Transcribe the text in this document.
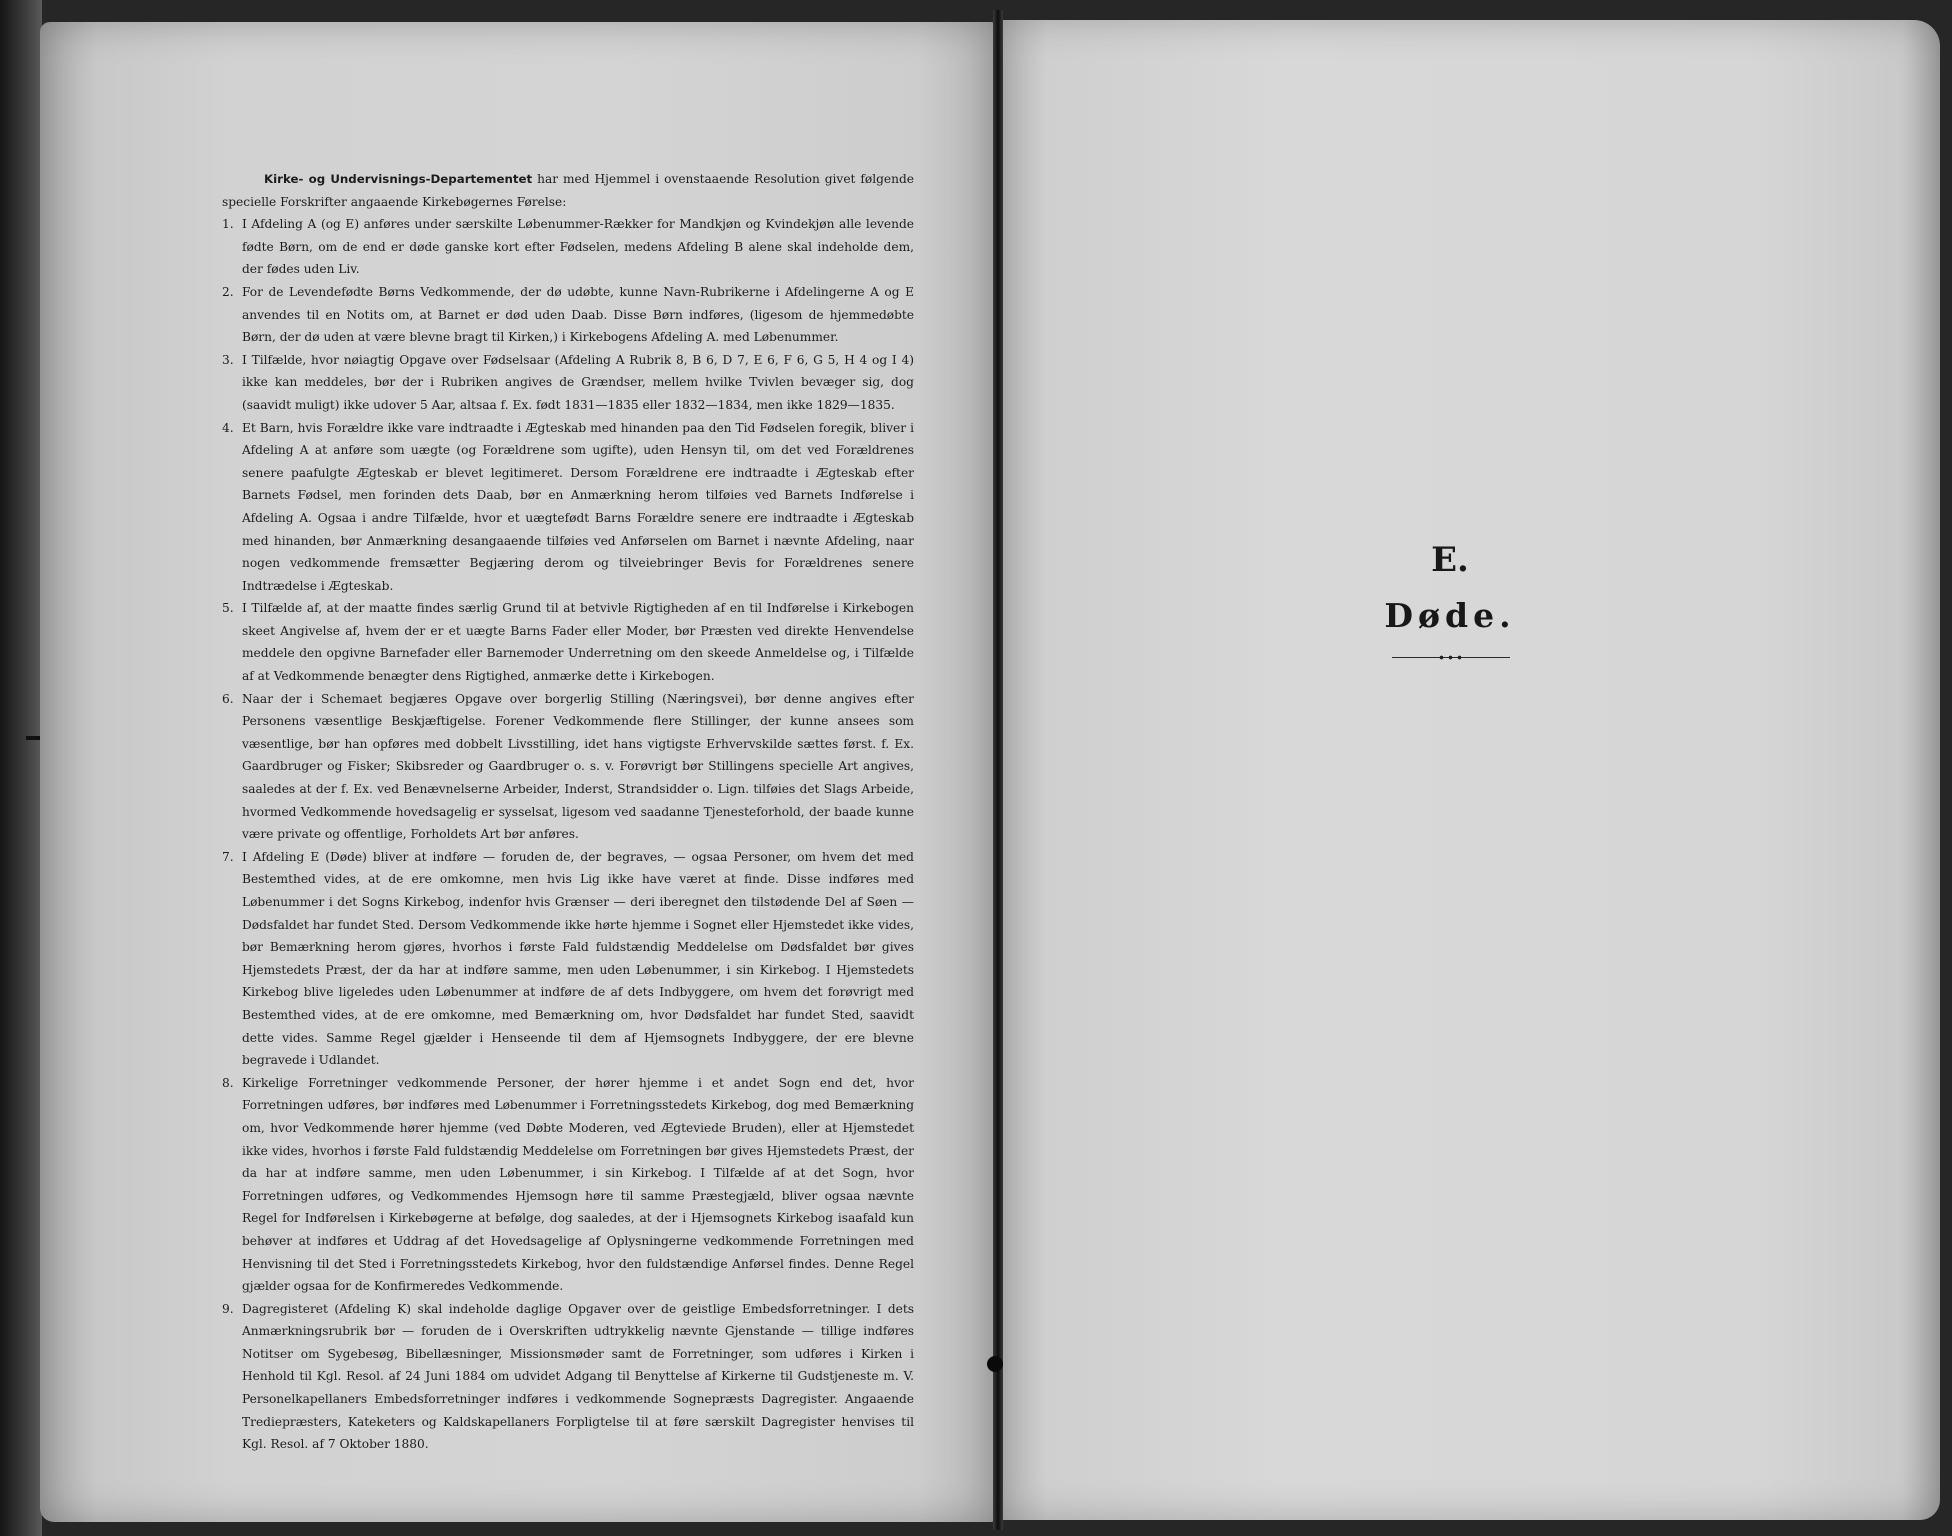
Kirke- og Undervisnings-Departementet har med Hjemmel i ovenstaaende Resolution givet følgende specielle Forskrifter angaaende Kirkebøgernes Førelse:

1. I Afdeling A (og E) anføres under særskilte Løbenummer-Rækker for Mandkjøn og Kvindekjøn alle levende fødte Børn, om de end er døde ganske kort efter Fødselen, medens Afdeling B alene skal indeholde dem, der fødes uden Liv.

2. For de Levendefødte Børns Vedkommende, der dø udøbte, kunne Navn-Rubrikerne i Afdelingerne A og E anvendes til en Notits om, at Barnet er død uden Daab. Disse Børn indføres, (ligesom de hjemmedøbte Børn, der dø uden at være blevne bragt til Kirken,) i Kirkebogens Afdeling A. med Løbenummer.

3. I Tilfælde, hvor nøiagtig Opgave over Fødselsaar (Afdeling A Rubrik 8, B 6, D 7, E 6, F 6, G 5, H 4 og I 4) ikke kan meddeles, bør der i Rubriken angives de Grændser, mellem hvilke Tvivlen bevæger sig, dog (saavidt muligt) ikke udover 5 Aar, altsaa f. Ex. født 1831—1835 eller 1832—1834, men ikke 1829—1835.

4. Et Barn, hvis Forældre ikke vare indtraadte i Ægteskab med hinanden paa den Tid Fødselen foregik, bliver i Afdeling A at anføre som uægte (og Forældrene som ugifte), uden Hensyn til, om det ved Forældrenes senere paafulgte Ægteskab er blevet legitimeret. Dersom Forældrene ere indtraadte i Ægteskab efter Barnets Fødsel, men forinden dets Daab, bør en Anmærkning herom tilføies ved Barnets Indførelse i Afdeling A. Ogsaa i andre Tilfælde, hvor et uægtefødt Barns Forældre senere ere indtraadte i Ægteskab med hinanden, bør Anmærkning desangaaende tilføies ved Anførselen om Barnet i nævnte Afdeling, naar nogen vedkommende fremsætter Begjæring derom og tilveiebringer Bevis for Forældrenes senere Indtrædelse i Ægteskab.

5. I Tilfælde af, at der maatte findes særlig Grund til at betvivle Rigtigheden af en til Indførelse i Kirkebogen skeet Angivelse af, hvem der er et uægte Barns Fader eller Moder, bør Præsten ved direkte Henvendelse meddele den opgivne Barnefader eller Barnemoder Underretning om den skeede Anmeldelse og, i Tilfælde af at Vedkommende benægter dens Rigtighed, anmærke dette i Kirkebogen.

6. Naar der i Schemaet begjæres Opgave over borgerlig Stilling (Næringsvei), bør denne angives efter Personens væsentlige Beskjæftigelse. Forener Vedkommende flere Stillinger, der kunne ansees som væsentlige, bør han opføres med dobbelt Livsstilling, idet hans vigtigste Erhvervskilde sættes først. f. Ex. Gaardbruger og Fisker; Skibsreder og Gaardbruger o. s. v. Forøvrigt bør Stillingens specielle Art angives, saaledes at der f. Ex. ved Benævnelserne Arbeider, Inderst, Strandsidder o. Lign. tilføies det Slags Arbeide, hvormed Vedkommende hovedsagelig er sysselsat, ligesom ved saadanne Tjenesteforhold, der baade kunne være private og offentlige, Forholdets Art bør anføres.

7. I Afdeling E (Døde) bliver at indføre — foruden de, der begraves, — ogsaa Personer, om hvem det med Bestemthed vides, at de ere omkomne, men hvis Lig ikke have været at finde. Disse indføres med Løbenummer i det Sogns Kirkebog, indenfor hvis Grænser — deri iberegnet den tilstødende Del af Søen — Dødsfaldet har fundet Sted. Dersom Vedkommende ikke hørte hjemme i Sognet eller Hjemstedet ikke vides, bør Bemærkning herom gjøres, hvorhos i første Fald fuldstændig Meddelelse om Dødsfaldet bør gives Hjemstedets Præst, der da har at indføre samme, men uden Løbenummer, i sin Kirkebog. I Hjemstedets Kirkebog blive ligeledes uden Løbenummer at indføre de af dets Indbyggere, om hvem det forøvrigt med Bestemthed vides, at de ere omkomne, med Bemærkning om, hvor Dødsfaldet har fundet Sted, saavidt dette vides. Samme Regel gjælder i Henseende til dem af Hjemsognets Indbyggere, der ere blevne begravede i Udlandet.

8. Kirkelige Forretninger vedkommende Personer, der hører hjemme i et andet Sogn end det, hvor Forretningen udføres, bør indføres med Løbenummer i Forretningsstedets Kirkebog, dog med Bemærkning om, hvor Vedkommende hører hjemme (ved Døbte Moderen, ved Ægteviede Bruden), eller at Hjemstedet ikke vides, hvorhos i første Fald fuldstændig Meddelelse om Forretningen bør gives Hjemstedets Præst, der da har at indføre samme, men uden Løbenummer, i sin Kirkebog. I Tilfælde af at det Sogn, hvor Forretningen udføres, og Vedkommendes Hjemsogn høre til samme Præstegjæld, bliver ogsaa nævnte Regel for Indførelsen i Kirkebøgerne at befølge, dog saaledes, at der i Hjemsognets Kirkebog isaafald kun behøver at indføres et Uddrag af det Hovedsagelige af Oplysningerne vedkommende Forretningen med Henvisning til det Sted i Forretningsstedets Kirkebog, hvor den fuldstændige Anførsel findes. Denne Regel gjælder ogsaa for de Konfirmeredes Vedkommende.

9. Dagregisteret (Afdeling K) skal indeholde daglige Opgaver over de geistlige Embedsforretninger. I dets Anmærkningsrubrik bør — foruden de i Overskriften udtrykkelig nævnte Gjenstande — tillige indføres Notitser om Sygebesøg, Bibellæsninger, Missionsmøder samt de Forretninger, som udføres i Kirken i Henhold til Kgl. Resol. af 24 Juni 1884 om udvidet Adgang til Benyttelse af Kirkerne til Gudstjeneste m. V. Personelkapellaners Embedsforretninger indføres i vedkommende Sognepræsts Dagregister. Angaaende Trediepræsters, Kateketers og Kaldskapellaners Forpligtelse til at føre særskilt Dagregister henvises til Kgl. Resol. af 7 Oktober 1880.

E.
Døde.
